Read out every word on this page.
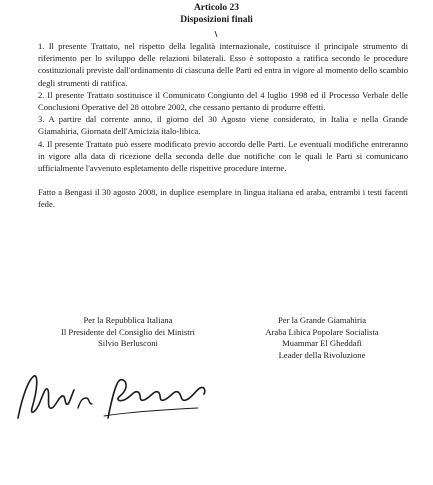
Articolo 23
Disposizioni finali

1. Il presente Trattato, nel rispetto della legalità internazionale, costituisce il principale strumento di riferimento per lo sviluppo delle relazioni bilaterali. Esso è sottoposto a ratifica secondo le procedure costituzionali previste dall'ordinamento di ciascuna delle Parti ed entra in vigore al momento dello scambio degli strumenti di ratifica.

2. Il presente Trattato sostituisce il Comunicato Congiunto del 4 luglio 1998 ed il Processo Verbale delle Conclusioni Operative del 28 ottobre 2002, che cessano pertanto di produrre effetti.

3. A partire dal corrente anno, il giorno del 30 Agosto viene considerato, in Italia e nella Grande Giamahiria, Giornata dell'Amicizia italo-libica.

4. Il presente Trattato può essere modificato previo accordo delle Parti. Le eventuali modifiche entreranno in vigore alla data di ricezione della seconda delle due notifiche con le quali le Parti si comunicano ufficialmente l'avvenuto espletamento delle rispettive procedure interne.

Fatto a Bengasi il 30 agosto 2008, in duplice esemplare in lingua italiana ed araba, entrambi i testi facenti fede.

Per la Repubblica Italiana
Il Presidente del Consiglio dei Ministri
Silvio Berlusconi
Per la Grande Giamahiria
Araba Libica Popolare Socialista
Muammar El Gheddafi
Leader della Rivoluzione
